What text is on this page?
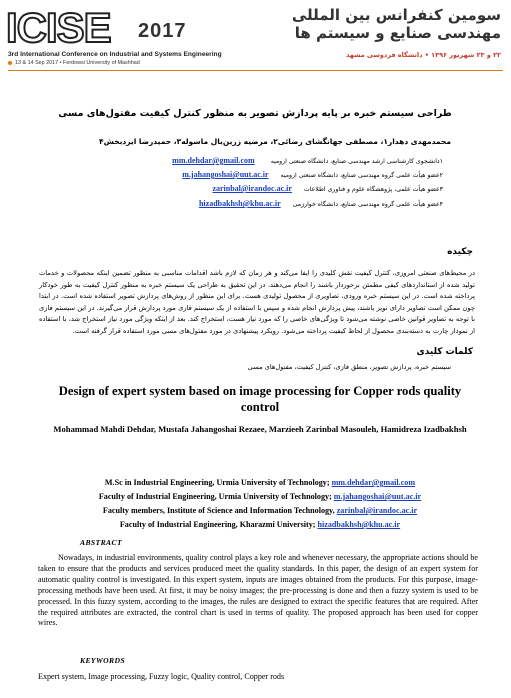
ICISE 2017
3rd International Conference on Industrial and Systems Engineering
13 & 14 Sep 2017 • Ferdowsi University of Mashhad
سومین کنفرانس بین المللی
مهندسی صنایع و سیستم ها
۲۲ و ۲۳ شهریور ۱۳۹۶ • دانشگاه فردوسی مشهد
طراحی سیستم خبره بر پایه پردازش تصویر به منظور کنترل کیفیت مفتول‌های مسی
محمدمهدی دهدار۱، مصطفی جهانگشای رضائی۲، مرضیه زرین‌بال ماسوله۳، حمیدرضا ایزدبخش۴
۱دانشجوی کارشناسی ارشد مهندسی صنایع، دانشگاه صنعتی ارومیه mm.dehdar@gmail.com
۲عضو هیأت علمی گروه مهندسی صنایع، دانشگاه صنعتی ارومیه m.jahangoshai@uut.ac.ir
۳عضو هیأت علمی، پژوهشگاه علوم و فناوری اطلاعات zarinbal@irandoc.ac.ir
۴عضو هیأت علمی گروه مهندسی صنایع، دانشگاه خوارزمی hizadbakhsh@khu.ac.ir
چکیده
در محیط‌های صنعتی امروزی، کنترل کیفیت نقش کلیدی را ایفا می‌کند و هر زمان که لازم باشد اقدامات مناسبی به منظور تضمین اینکه محصولات و خدمات تولید شده از استانداردهای کیفی مطمئن برخوردار باشند را انجام می‌دهند. در این تحقیق به طراحی یک سیستم خبره به منظور کنترل کیفیت به طور خودکار پرداخته شده است. در این سیستم خبره ورودی، تصاویری از محصول تولیدی هست. برای این منظور از روش‌های پردازش تصویر استفاده شده است. در ابتدا چون ممکن است تصاویر دارای نویز باشند، پیش پردازش انجام شده و سپس با استفاده از یک سیستم فازی مورد پردازش قرار می‌گیرند. در این سیستم فازی با توجه به تصاویر قوانین خاصی نوشته می‌شود تا ویژگی‌های خاصی را که مورد نیاز هست، استخراج کند. بعد از اینکه ویژگی مورد نیاز استخراج شد، با استفاده از نمودار چارت به دسته‌بندی محصول از لحاظ کیفیت پرداخته می‌شود. رویکرد پیشنهادی در مورد مفتول‌های مسی مورد استفاده قرار گرفته است.
کلمات کلیدی
سیستم خبره، پردازش تصویر، منطق فازی، کنترل کیفیت، مفتول‌های مسی
Design of expert system based on image processing for Copper rods quality control
Mohammad Mahdi Dehdar, Mustafa Jahangoshai Rezaee, Marzieeh Zarinbal Masouleh, Hamidreza Izadbakhsh
M.Sc in Industrial Engineering, Urmia University of Technology; mm.dehdar@gmail.com
Faculty of Industrial Engineering, Urmia University of Technology; m.jahangoshai@uut.ac.ir
Faculty members, Institute of Science and Information Technology, zarinbal@irandoc.ac.ir
Faculty of Industrial Engineering, Kharazmi University; hizadbakhsh@khu.ac.ir
ABSTRACT
Nowadays, in industrial environments, quality control plays a key role and whenever necessary, the appropriate actions should be taken to ensure that the products and services produced meet the quality standards. In this paper, the design of an expert system for automatic quality control is investigated. In this expert system, inputs are images obtained from the products. For this purpose, image-processing methods have been used. At first, it may be noisy images; the pre-processing is done and then a fuzzy system is used to be processed. In this fuzzy system, according to the images, the rules are designed to extract the specific features that are required. After the required attributes are extracted, the control chart is used in terms of quality. The proposed approach has been used for copper wires.
KEYWORDS
Expert system, Image processing, Fuzzy logic, Quality control, Copper rods
